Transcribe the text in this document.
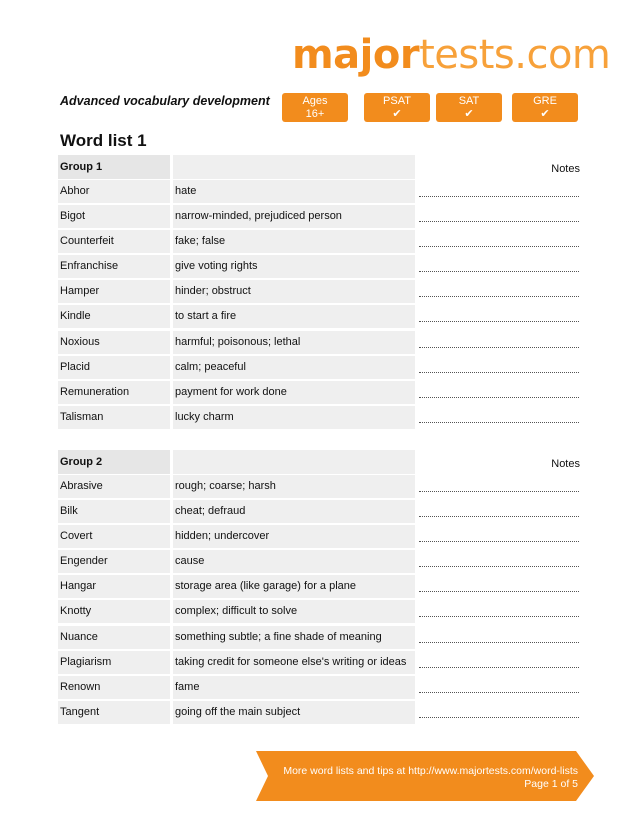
majortests.com
Advanced vocabulary development	Ages
16+
PSAT
✔
SAT
✔
GRE
✔
Word list 1
Group 1	Notes
Abhor	hate
Bigot	narrow-minded, prejudiced person
Counterfeit	fake; false
Enfranchise	give voting rights
Hamper	hinder; obstruct
Kindle	to start a fire
Noxious	harmful; poisonous; lethal
Placid	calm; peaceful
Remuneration	payment for work done
Talisman	lucky charm
Group 2	Notes
Abrasive	rough; coarse; harsh
Bilk	cheat; defraud
Covert	hidden; undercover
Engender	cause
Hangar	storage area (like garage) for a plane
Knotty	complex; difficult to solve
Nuance	something subtle; a fine shade of meaning
Plagiarism	taking credit for someone else's writing or ideas
Renown	fame
Tangent	going off the main subject
More word lists and tips at http://www.majortests.com/word-lists
Page 1 of 5
